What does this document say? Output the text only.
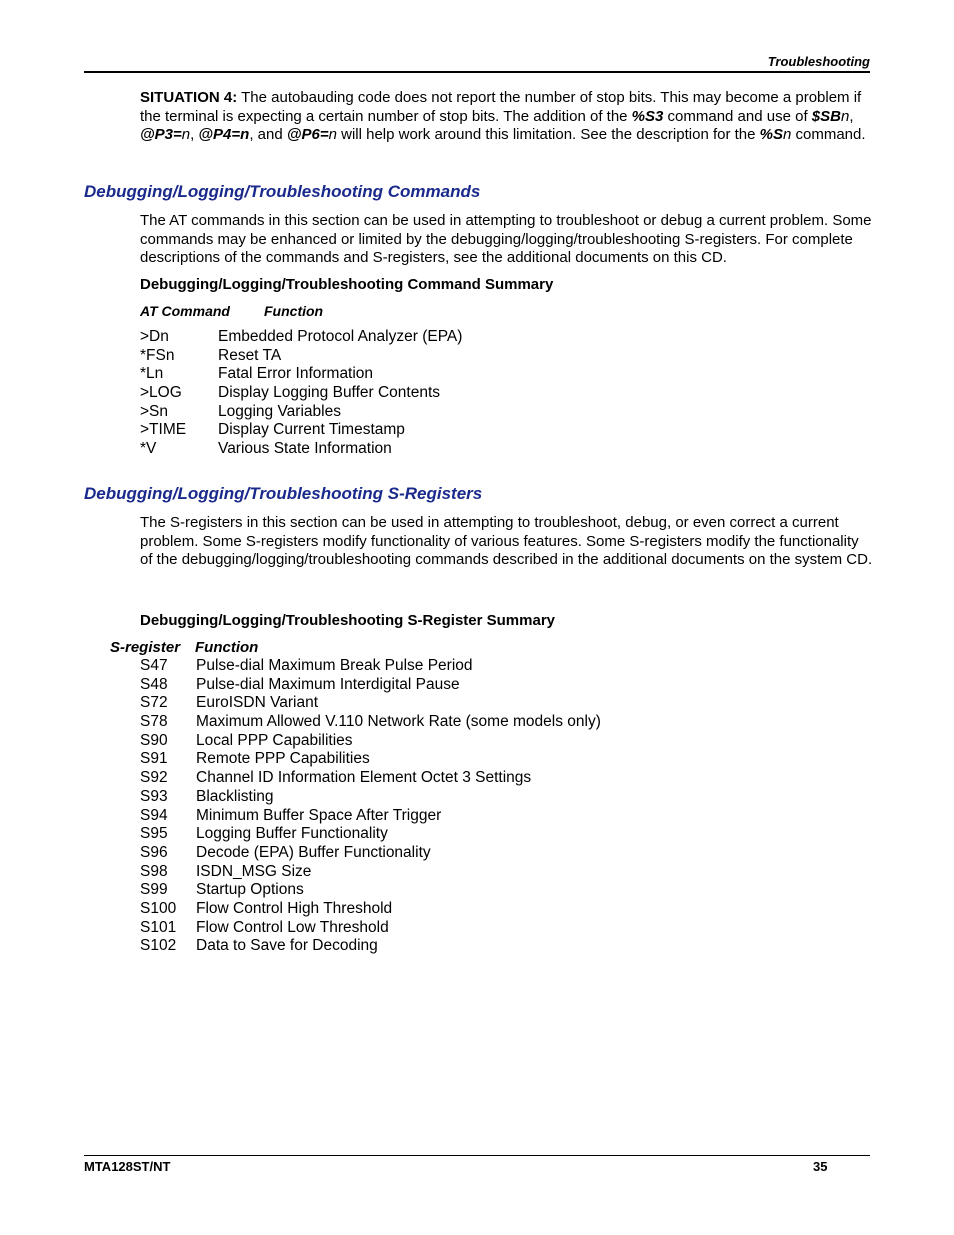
Troubleshooting
SITUATION 4: The autobauding code does not report the number of stop bits. This may become a problem if the terminal is expecting a certain number of stop bits. The addition of the %S3 command and use of $SBn, @P3=n, @P4=n, and @P6=n will help work around this limitation. See the description for the %Sn command.
Debugging/Logging/Troubleshooting Commands
The AT commands in this section can be used in attempting to troubleshoot or debug a current problem. Some commands may be enhanced or limited by the debugging/logging/troubleshooting S-registers. For complete descriptions of the commands and S-registers, see the additional documents on this CD.
Debugging/Logging/Troubleshooting Command Summary
AT Command Function
>Dn	Embedded Protocol Analyzer (EPA)
*FSn	Reset TA
*Ln	Fatal Error Information
>LOG	Display Logging Buffer Contents
>Sn	Logging Variables
>TIME	Display Current Timestamp
*V	Various State Information
Debugging/Logging/Troubleshooting S-Registers
The S-registers in this section can be used in attempting to troubleshoot, debug, or even correct a current problem. Some S-registers modify functionality of various features. Some S-registers modify the functionality of the debugging/logging/troubleshooting commands described in the additional documents on the system CD.
Debugging/Logging/Troubleshooting S-Register Summary
S-register Function
S47	Pulse-dial Maximum Break Pulse Period
S48	Pulse-dial Maximum Interdigital Pause
S72	EuroISDN Variant
S78	Maximum Allowed V.110 Network Rate (some models only)
S90	Local PPP Capabilities
S91	Remote PPP Capabilities
S92	Channel ID Information Element Octet 3 Settings
S93	Blacklisting
S94	Minimum Buffer Space After Trigger
S95	Logging Buffer Functionality
S96	Decode (EPA) Buffer Functionality
S98	ISDN_MSG Size
S99	Startup Options
S100	Flow Control High Threshold
S101	Flow Control Low Threshold
S102	Data to Save for Decoding
MTA128ST/NT	35
